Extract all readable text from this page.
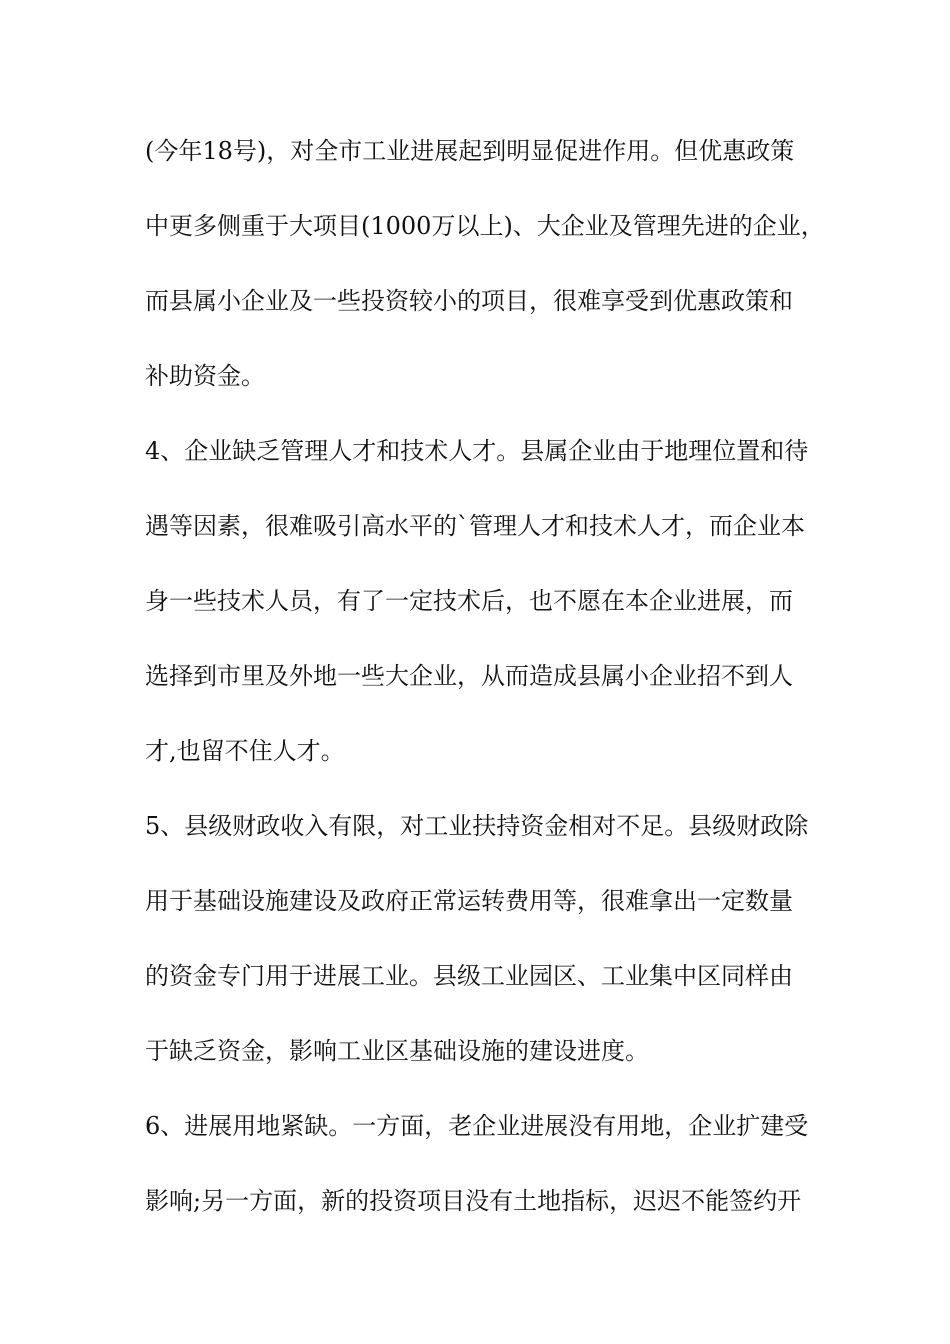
(今年18号)，对全市工业进展起到明显促进作用。但优惠政策
中更多侧重于大项目(1000万以上)、大企业及管理先进的企业，
而县属小企业及一些投资较小的项目，很难享受到优惠政策和
补助资金。
4、企业缺乏管理人才和技术人才。县属企业由于地理位置和待
遇等因素，很难吸引高水平的`管理人才和技术人才，而企业本
身一些技术人员，有了一定技术后，也不愿在本企业进展，而
选择到市里及外地一些大企业，从而造成县属小企业招不到人
才,也留不住人才。
5、县级财政收入有限，对工业扶持资金相对不足。县级财政除
用于基础设施建设及政府正常运转费用等，很难拿出一定数量
的资金专门用于进展工业。县级工业园区、工业集中区同样由
于缺乏资金，影响工业区基础设施的建设进度。
6、进展用地紧缺。一方面，老企业进展没有用地，企业扩建受
影响;另一方面，新的投资项目没有土地指标，迟迟不能签约开
